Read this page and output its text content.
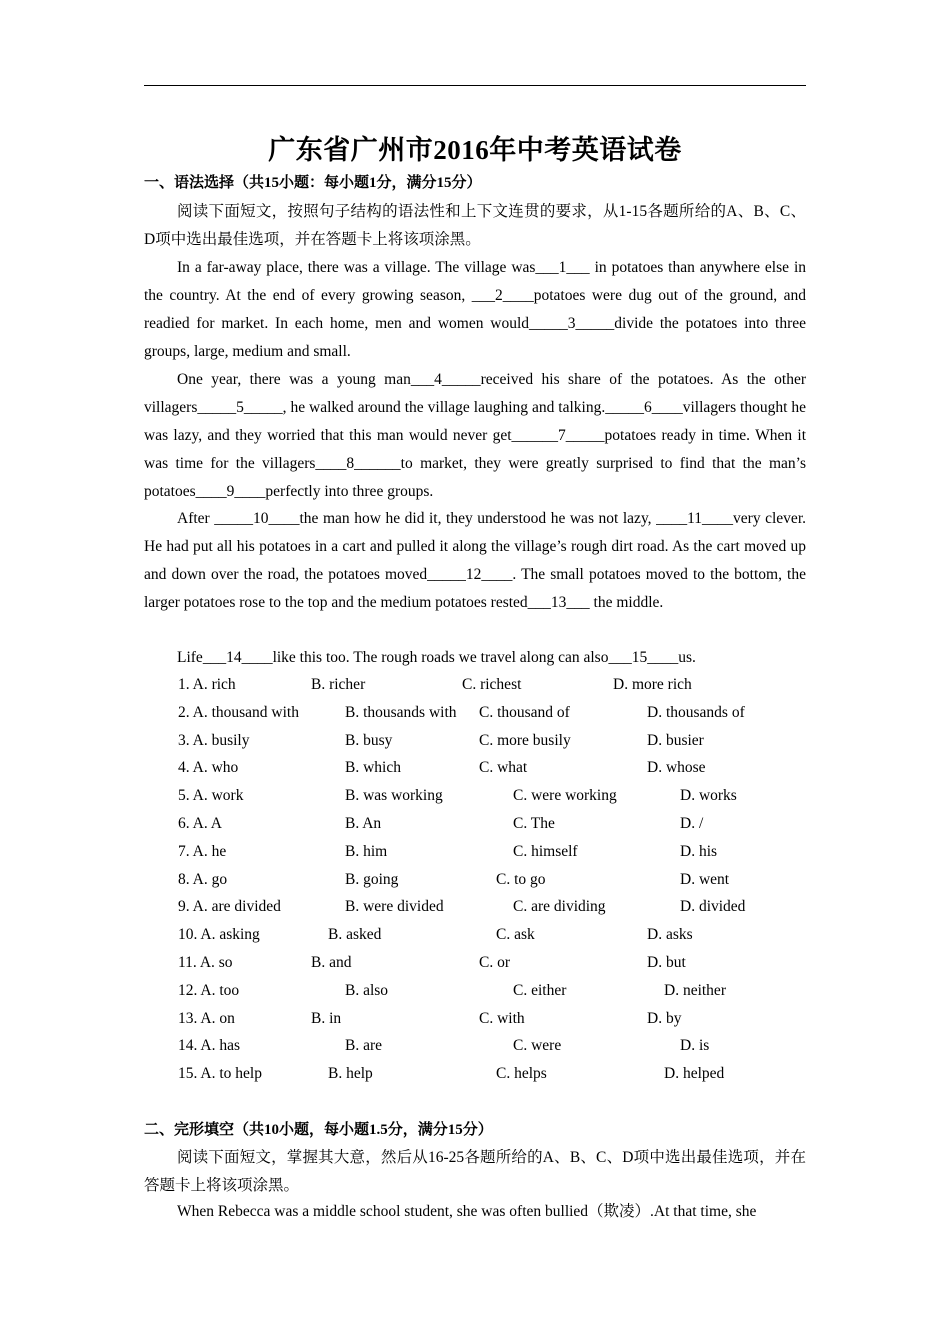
广东省广州市2016年中考英语试卷
一、语法选择（共15小题：每小题1分，满分15分）

阅读下面短文，按照句子结构的语法性和上下文连贯的要求，从1-15各题所给的A、B、C、D项中选出最佳选项，并在答题卡上将该项涂黑。

In a far-away place, there was a village. The village was___1___ in potatoes than anywhere else in the country. At the end of every growing season, ___2____potatoes were dug out of the ground, and readied for market. In each home, men and women would_____3_____divide the potatoes into three groups, large, medium and small.

One year, there was a young man___4_____received his share of the potatoes. As the other villagers_____5_____, he walked around the village laughing and talking._____6____villagers thought he was lazy, and they worried that this man would never get______7_____potatoes ready in time. When it was time for the villagers____8______to market, they were greatly surprised to find that the man’s potatoes____9____perfectly into three groups.

After _____10____the man how he did it, they understood he was not lazy, ____11____very clever. He had put all his potatoes in a cart and pulled it along the village’s rough dirt road. As the cart moved up and down over the road, the potatoes moved_____12____. The small potatoes moved to the bottom, the larger potatoes rose to the top and the medium potatoes rested___13___ the middle.

Life___14____like this too. The rough roads we travel along can also___15____us.

1. A. rich	B. richer	C. richest	D. more rich
2. A. thousand with	B. thousands with C. thousand of	D. thousands of
3. A. busily	B. busy	C. more busily	D. busier
4. A. who	B. which	C. what	D. whose
5. A. work	B. was working	C. were working	D. works
6. A. A	B. An	C. The	D. /
7. A. he	B. him	C. himself	D. his
8. A. go	B. going	C. to go	D. went
9. A. are divided	B. were divided	C. are dividing	D. divided
10. A. asking	B. asked	C. ask	D. asks
11. A. so	B. and	C. or	D. but
12. A. too	B. also	C. either	D. neither
13. A. on	B. in	C. with	D. by
14. A. has	B. are	C. were	D. is
15. A. to help	B. help	C. helps	D. helped
二、完形填空（共10小题，每小题1.5分，满分15分）

阅读下面短文，掌握其大意，然后从16-25各题所给的A、B、C、D项中选出最佳选项，并在答题卡上将该项涂黑。

When Rebecca was a middle school student, she was often bullied（欺凌）.At that time, she
